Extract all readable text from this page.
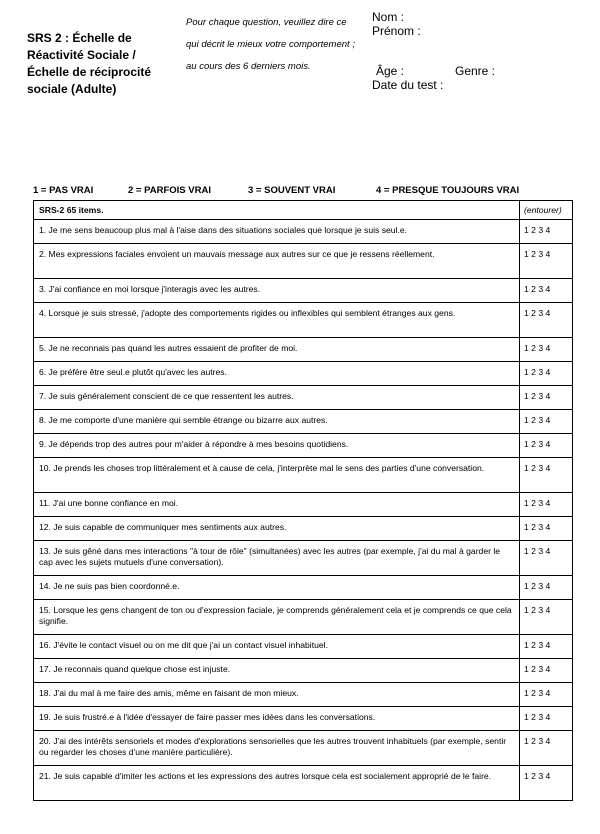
SRS 2 : Échelle de Réactivité Sociale / Échelle de réciprocité sociale (Adulte)
Pour chaque question, veuillez dire ce qui décrit le mieux votre comportement ; au cours des 6 derniers mois.
Nom :
Prénom :
Âge :	Genre :
Date du test :
1 = PAS VRAI	2 = PARFOIS VRAI	3 = SOUVENT VRAI	4 = PRESQUE TOUJOURS VRAI
SRS-2 65 items.	(entourer)
1. Je me sens beaucoup plus mal à l'aise dans des situations sociales que lorsque je suis seul.e.	1 2 3 4
2. Mes expressions faciales envoient un mauvais message aux autres sur ce que je ressens réellement.	1 2 3 4
3. J'ai confiance en moi lorsque j'interagis avec les autres.	1 2 3 4
4. Lorsque je suis stressé, j'adopte des comportements rigides ou inflexibles qui semblent étranges aux gens.	1 2 3 4
5. Je ne reconnais pas quand les autres essaient de profiter de moi.	1 2 3 4
6. Je préfère être seul.e plutôt qu'avec les autres.	1 2 3 4
7. Je suis généralement conscient de ce que ressentent les autres.	1 2 3 4
8. Je me comporte d'une manière qui semble étrange ou bizarre aux autres.	1 2 3 4
9. Je dépends trop des autres pour m'aider à répondre à mes besoins quotidiens.	1 2 3 4
10. Je prends les choses trop littéralement et à cause de cela, j'interprète mal le sens des parties d'une conversation.	1 2 3 4
11. J'ai une bonne confiance en moi.	1 2 3 4
12. Je suis capable de communiquer mes sentiments aux autres.	1 2 3 4
13. Je suis gêné dans mes interactions "à tour de rôle" (simultanées) avec les autres (par exemple, j'ai du mal à garder le cap avec les sujets mutuels d'une conversation).	1 2 3 4
14. Je ne suis pas bien coordonné.e.	1 2 3 4
15. Lorsque les gens changent de ton ou d'expression faciale, je comprends généralement cela et je comprends ce que cela signifie.	1 2 3 4
16. J'évite le contact visuel ou on me dit que j'ai un contact visuel inhabituel.	1 2 3 4
17. Je reconnais quand quelque chose est injuste.	1 2 3 4
18. J'ai du mal à me faire des amis, même en faisant de mon mieux.	1 2 3 4
19. Je suis frustré.e à l'idée d'essayer de faire passer mes idées dans les conversations.	1 2 3 4
20. J'ai des intérêts sensoriels et modes d'explorations sensorielles que les autres trouvent inhabituels (par exemple, sentir ou regarder les choses d'une manière particulière).	1 2 3 4
21. Je suis capable d'imiter les actions et les expressions des autres lorsque cela est socialement approprié de le faire.	1 2 3 4
